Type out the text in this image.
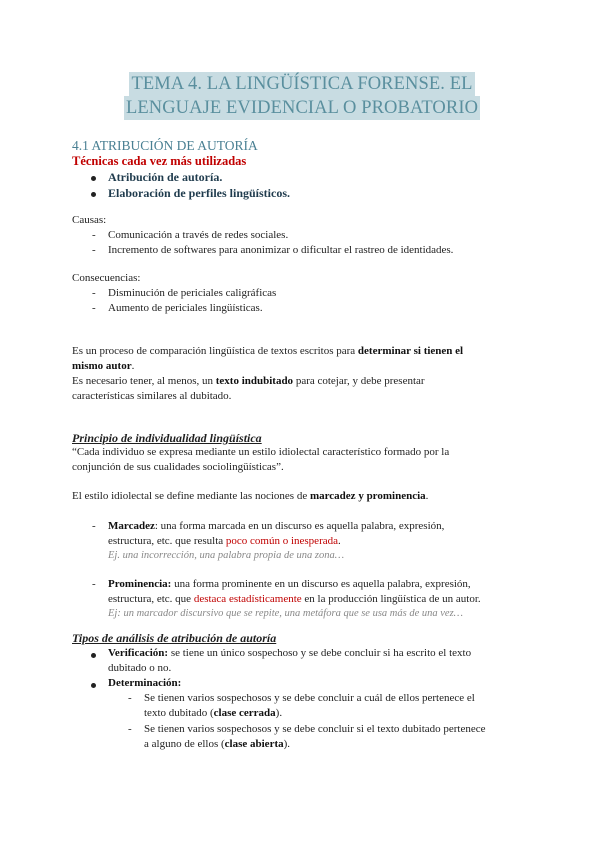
TEMA 4. LA LINGÜÍSTICA FORENSE. EL
LENGUAJE EVIDENCIAL O PROBATORIO
4.1 ATRIBUCIÓN DE AUTORÍA
Técnicas cada vez más utilizadas
Atribución de autoría.
Elaboración de perfiles lingüísticos.
Causas:
- Comunicación a través de redes sociales.
- Incremento de softwares para anonimizar o dificultar el rastreo de identidades.
Consecuencias:
- Disminución de periciales caligráficas
- Aumento de periciales lingüísticas.
Es un proceso de comparación lingüística de textos escritos para determinar si tienen el
mismo autor.
Es necesario tener, al menos, un texto indubitado para cotejar, y debe presentar
características similares al dubitado.
Principio de individualidad lingüística
“Cada individuo se expresa mediante un estilo idiolectal característico formado por la
conjunción de sus cualidades sociolingüísticas”.
El estilo idiolectal se define mediante las nociones de marcadez y prominencia.
- Marcadez: una forma marcada en un discurso es aquella palabra, expresión,
estructura, etc. que resulta poco común o inesperada.
Ej. una incorrección, una palabra propia de una zona…
- Prominencia: una forma prominente en un discurso es aquella palabra, expresión,
estructura, etc. que destaca estadísticamente en la producción lingüística de un autor.
Ej: un marcador discursivo que se repite, una metáfora que se usa más de una vez…
Tipos de análisis de atribución de autoría
Verificación: se tiene un único sospechoso y se debe concluir si ha escrito el texto
dubitado o no.
Determinación:
- Se tienen varios sospechosos y se debe concluir a cuál de ellos pertenece el
texto dubitado (clase cerrada).
- Se tienen varios sospechosos y se debe concluir si el texto dubitado pertenece
a alguno de ellos (clase abierta).
